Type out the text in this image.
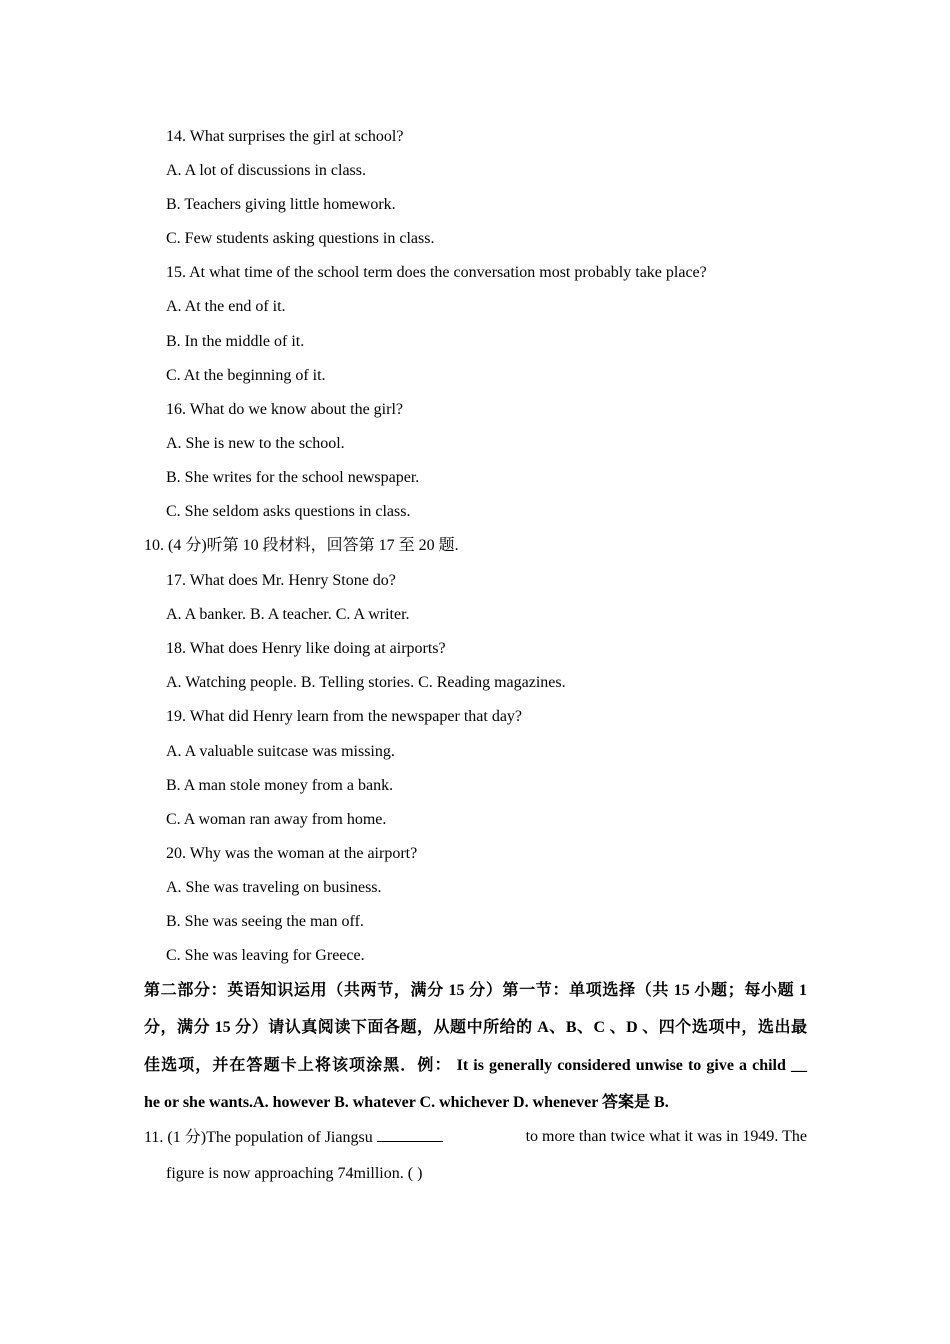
14. What surprises the girl at school?
A. A lot of discussions in class.
B. Teachers giving little homework.
C. Few students asking questions in class.
15. At what time of the school term does the conversation most probably take place?
A. At the end of it.
B. In the middle of it.
C. At the beginning of it.
16. What do we know about the girl?
A. She is new to the school.
B. She writes for the school newspaper.
C. She seldom asks questions in class.
10. (4 分)听第 10 段材料，回答第 17 至 20 题.
17. What does Mr. Henry Stone do?
A. A banker. B. A teacher. C. A writer.
18. What does Henry like doing at airports?
A. Watching people. B. Telling stories. C. Reading magazines.
19. What did Henry learn from the newspaper that day?
A. A valuable suitcase was missing.
B. A man stole money from a bank.
C. A woman ran away from home.
20. Why was the woman at the airport?
A. She was traveling on business.
B. She was seeing the man off.
C. She was leaving for Greece.
第二部分：英语知识运用（共两节，满分 15 分）第一节：单项选择（共 15 小题；每小题 1
分，满分 15 分）请认真阅读下面各题，从题中所给的 A、B、C 、D 、四个选项中，选出最
佳选项，并在答题卡上将该项涂黑．例： It is generally considered unwise to give a child __
he or she wants.A. however B. whatever C. whichever D. whenever 答案是 B.
11. (1 分)The population of Jiangsu	to more than twice what it was in 1949. The
figure is now approaching 74million. ( )
